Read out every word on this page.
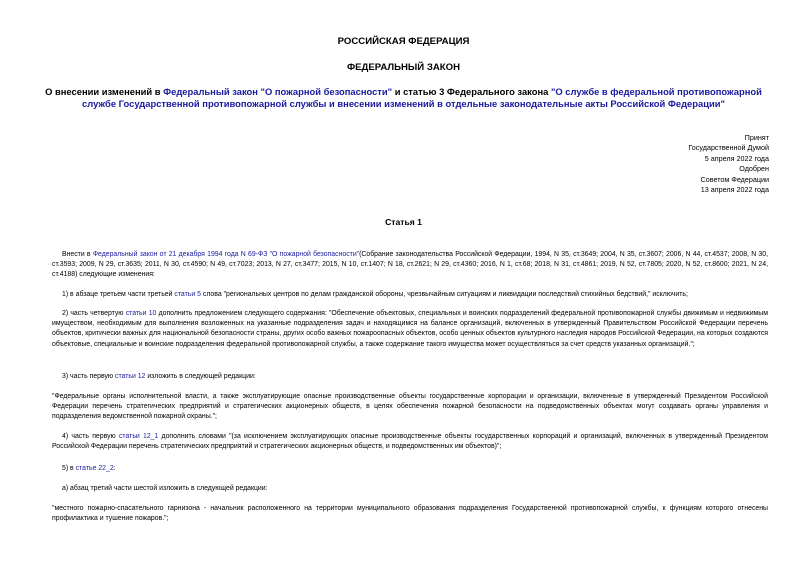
РОССИЙСКАЯ ФЕДЕРАЦИЯ
ФЕДЕРАЛЬНЫЙ ЗАКОН
О внесении изменений в Федеральный закон "О пожарной безопасности" и статью 3 Федерального закона "О службе в федеральной противопожарной службе Государственной противопожарной службы и внесении изменений в отдельные законодательные акты Российской Федерации"
Принят
Государственной Думой
5 апреля 2022 года
Одобрен
Советом Федерации
13 апреля 2022 года
Статья 1

Внести в Федеральный закон от 21 декабря 1994 года N 69-ФЗ "О пожарной безопасности"(Собрание законодательства Российской Федерации, 1994, N 35, ст.3649; 2004, N 35, ст.3607; 2006, N 44, ст.4537; 2008, N 30, ст.3593; 2009, N 29, ст.3635; 2011, N 30, ст.4590; N 49, ст.7023; 2013, N 27, ст.3477; 2015, N 10, ст.1407; N 18, ст.2621; N 29, ст.4360; 2016, N 1, ст.68; 2018, N 31, ст.4861; 2019, N 52, ст.7805; 2020, N 52, ст.8600; 2021, N 24, ст.4188) следующие изменения:

1) в абзаце третьем части третьей статьи 5 слова "региональных центров по делам гражданской обороны, чрезвычайным ситуациям и ликвидации последствий стихийных бедствий," исключить;

2) часть четвертую статьи 10 дополнить предложением следующего содержания: "Обеспечение объектовых, специальных и воинских подразделений федеральной противопожарной службы движимым и недвижимым имуществом, необходимым для выполнения возложенных на указанные подразделения задач и находящимся на балансе организаций, включенных в утвержденный Правительством Российской Федерации перечень объектов, критически важных для национальной безопасности страны, других особо важных пожароопасных объектов, особо ценных объектов культурного наследия народов Российской Федерации, на которых создаются объектовые, специальные и воинские подразделения федеральной противопожарной службы, а также содержание такого имущества может осуществляться за счет средств указанных организаций.";

3) часть первую статьи 12 изложить в следующей редакции:

"Федеральные органы исполнительной власти, а также эксплуатирующие опасные производственные объекты государственные корпорации и организации, включенные в утвержденный Президентом Российской Федерации перечень стратегических предприятий и стратегических акционерных обществ, в целях обеспечения пожарной безопасности на подведомственных объектах могут создавать органы управления и подразделения ведомственной пожарной охраны.";

4) часть первую статьи 12_1 дополнить словами "(за исключением эксплуатирующих опасные производственные объекты государственных корпораций и организаций, включенных в утвержденный Президентом Российской Федерации перечень стратегических предприятий и стратегических акционерных обществ, и подведомственных им объектов)";

5) в статье 22_2:

а) абзац третий части шестой изложить в следующей редакции:

"местного пожарно-спасательного гарнизона - начальник расположенного на территории муниципального образования подразделения Государственной противопожарной службы, к функциям которого отнесены профилактика и тушение пожаров.";
